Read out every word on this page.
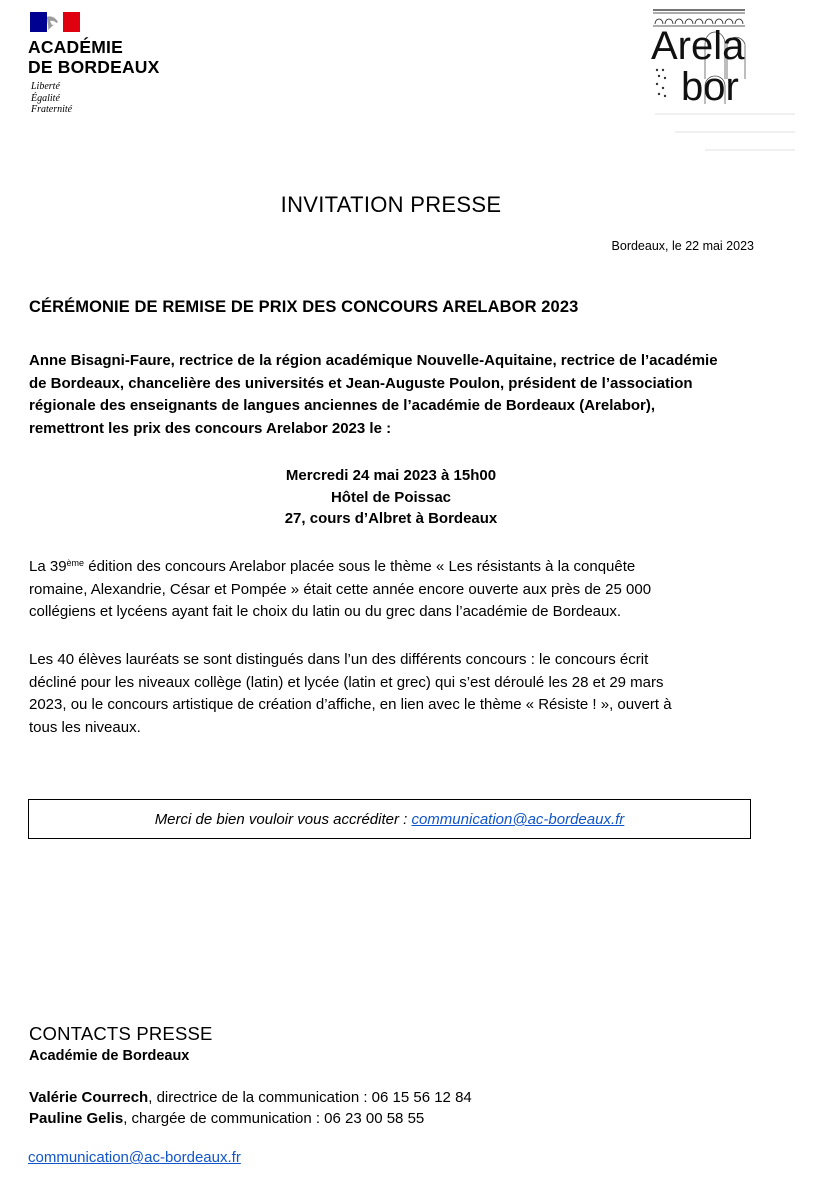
ACADÉMIE
DE BORDEAUX
Liberté
Égalité
Fraternité
Arela
bor
INVITATION PRESSE
Bordeaux, le 22 mai 2023
CÉRÉMONIE DE REMISE DE PRIX DES CONCOURS ARELABOR 2023
Anne Bisagni-Faure, rectrice de la région académique Nouvelle-Aquitaine, rectrice de l’académie
de Bordeaux, chancelière des universités et Jean-Auguste Poulon, président de l’association
régionale des enseignants de langues anciennes de l’académie de Bordeaux (Arelabor),
remettront les prix des concours Arelabor 2023 le :
Mercredi 24 mai 2023 à 15h00
Hôtel de Poissac
27, cours d’Albret à Bordeaux
La 39ème édition des concours Arelabor placée sous le thème « Les résistants à la conquête
romaine, Alexandrie, César et Pompée » était cette année encore ouverte aux près de 25 000
collégiens et lycéens ayant fait le choix du latin ou du grec dans l’académie de Bordeaux.
Les 40 élèves lauréats se sont distingués dans l’un des différents concours : le concours écrit
décliné pour les niveaux collège (latin) et lycée (latin et grec) qui s’est déroulé les 28 et 29 mars
2023, ou le concours artistique de création d’affiche, en lien avec le thème « Résiste ! », ouvert à
tous les niveaux.
Merci de bien vouloir vous accréditer : communication@ac-bordeaux.fr
CONTACTS PRESSE
Académie de Bordeaux
Valérie Courrech, directrice de la communication : 06 15 56 12 84
Pauline Gelis, chargée de communication : 06 23 00 58 55
communication@ac-bordeaux.fr
